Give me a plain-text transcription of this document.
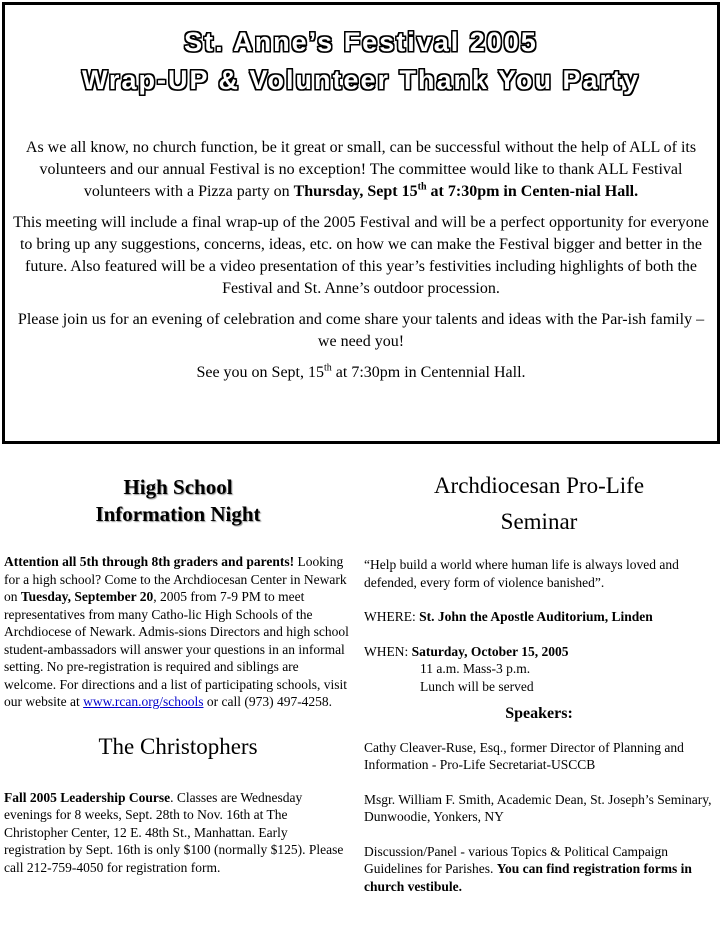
St. Anne’s Festival 2005
Wrap-UP & Volunteer Thank You Party

As we all know, no church function, be it great or small, can be successful without the help of ALL of its volunteers and our annual Festival is no exception! The committee would like to thank ALL Festival volunteers with a Pizza party on Thursday, Sept 15th at 7:30pm in Centen-nial Hall.

This meeting will include a final wrap-up of the 2005 Festival and will be a perfect opportunity for everyone to bring up any suggestions, concerns, ideas, etc. on how we can make the Festival bigger and better in the future. Also featured will be a video presentation of this year’s festivities including highlights of both the Festival and St. Anne’s outdoor procession.

Please join us for an evening of celebration and come share your talents and ideas with the Par-ish family – we need you!

See you on Sept, 15th at 7:30pm in Centennial Hall.

High School
Information Night
Attention all 5th through 8th graders and parents! Looking for a high school? Come to the Archdiocesan Center in Newark on Tuesday, September 20, 2005 from 7-9 PM to meet representatives from many Catho-lic High Schools of the Archdiocese of Newark. Admis-sions Directors and high school student-ambassadors will answer your questions in an informal setting. No pre-registration is required and siblings are welcome. For directions and a list of participating schools, visit our website at www.rcan.org/schools or call (973) 497-4258.
The Christophers
Fall 2005 Leadership Course. Classes are Wednesday evenings for 8 weeks, Sept. 28th to Nov. 16th at The Christopher Center, 12 E. 48th St., Manhattan. Early registration by Sept. 16th is only $100 (normally $125). Please call 212-759-4050 for registration form.
Archdiocesan Pro-Life
Seminar
“Help build a world where human life is always loved and defended, every form of violence banished”.
WHERE: St. John the Apostle Auditorium, Linden
WHEN: Saturday, October 15, 2005
11 a.m. Mass-3 p.m.
Lunch will be served
Speakers:
Cathy Cleaver-Ruse, Esq., former Director of Planning and Information - Pro-Life Secretariat-USCCB
Msgr. William F. Smith, Academic Dean, St. Joseph’s Seminary, Dunwoodie, Yonkers, NY
Discussion/Panel - various Topics & Political Campaign Guidelines for Parishes. You can find registration forms in church vestibule.
